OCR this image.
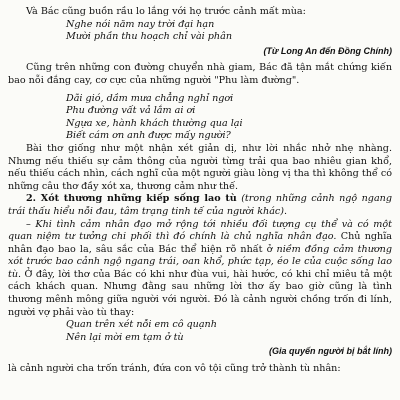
Và Bác cũng buồn rầu lo lắng với họ trước cảnh mất mùa:

Nghe nói năm nay trời đại hạn
Mười phần thu hoạch chỉ vài phân
(Từ Long An đến Đồng Chính)

Cũng trên những con đường chuyển nhà giam, Bác đã tận mắt chứng kiến bao nỗi đắng cay, cơ cực của những người "Phu làm đường".

Dãi gió, dầm mưa chẳng nghỉ ngơi
Phu đường vất vả lắm ai ơi
Ngựa xe, hành khách thường qua lại
Biết cám ơn anh được mấy người?

Bài thơ giống như một nhận xét giản dị, như lời nhắc nhở nhẹ nhàng. Nhưng nếu thiếu sự cảm thông của người từng trải qua bao nhiêu gian khổ, nếu thiếu cách nhìn, cách nghĩ của một người giàu lòng vị tha thì không thể có những câu thơ đầy xót xa, thương cảm như thế.

2. Xót thương những kiếp sống lao tù (trong những cảnh ngộ ngang trái thấu hiểu nỗi đau, tâm trạng tinh tế của người khác).

– Khi tình cảm nhân đạo mở rộng tới nhiều đối tượng cụ thể và có một quan niệm tư tưởng chi phối thì đó chính là chủ nghĩa nhân đạo. Chủ nghĩa nhân đạo bao la, sâu sắc của Bác thể hiện rõ nhất ở niềm đồng cảm thương xót trước bao cảnh ngộ ngang trái, oan khổ, phức tạp, éo le của cuộc sống lao tù. Ở đây, lời thơ của Bác có khi như đùa vui, hài hước, có khi chỉ miêu tả một cách khách quan. Nhưng đằng sau những lời thơ ấy bao giờ cũng là tình thương mênh mông giữa người với người. Đó là cảnh người chồng trốn đi lính, người vợ phải vào tù thay:

Quan trên xét nỗi em cô quạnh
Nên lại mời em tạm ở tù
(Gia quyến người bị bắt lính)

là cảnh người cha trốn tránh, đứa con vô tội cũng trở thành tù nhân:
